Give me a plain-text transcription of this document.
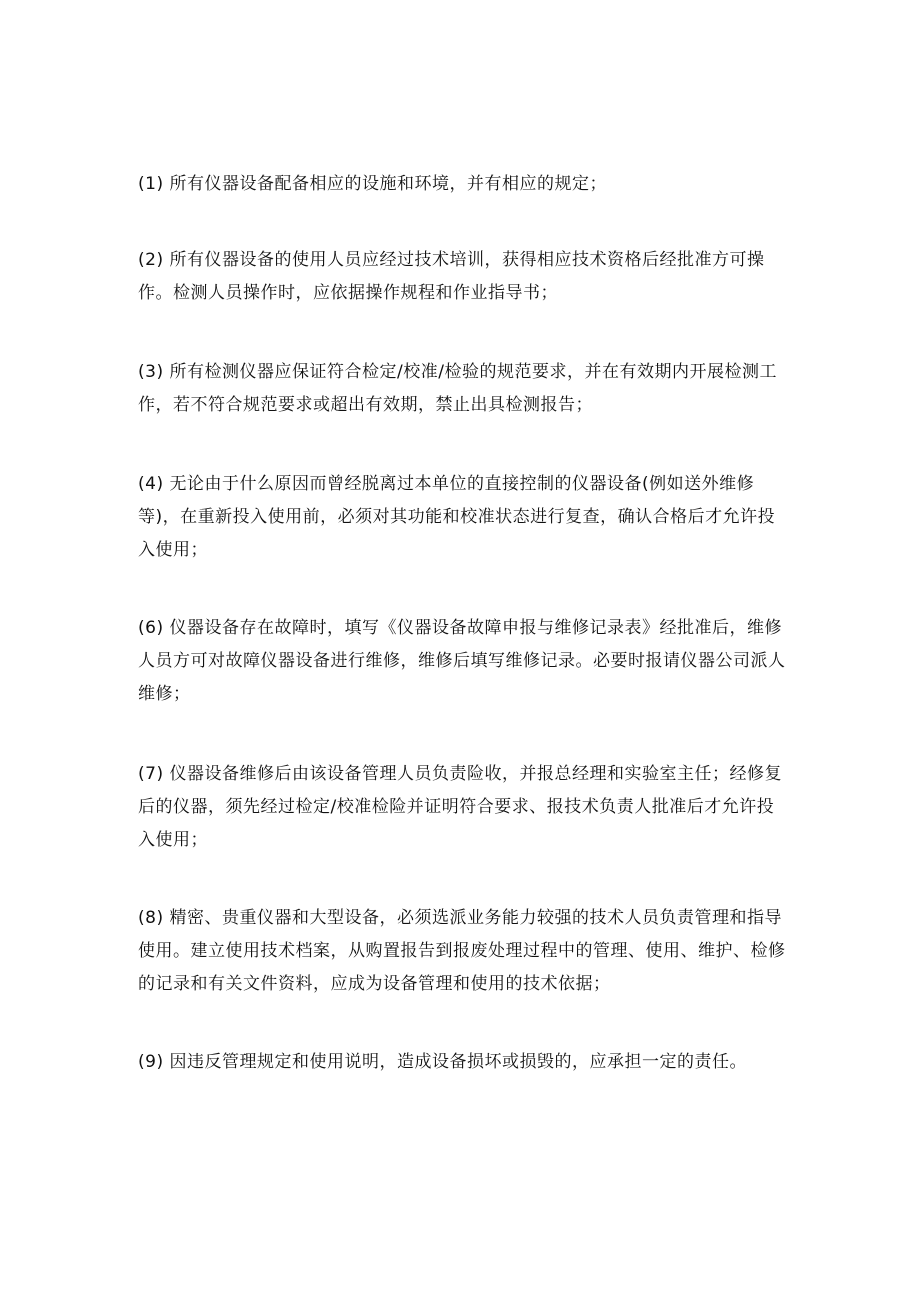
(1) 所有仪器设备配备相应的设施和环境，并有相应的规定；

(2) 所有仪器设备的使用人员应经过技术培训，获得相应技术资格后经批准方可操作。检测人员操作时，应依据操作规程和作业指导书；

(3) 所有检测仪器应保证符合检定/校准/检验的规范要求，并在有效期内开展检测工作，若不符合规范要求或超出有效期，禁止出具检测报告；

(4) 无论由于什么原因而曾经脱离过本单位的直接控制的仪器设备(例如送外维修等)，在重新投入使用前，必须对其功能和校准状态进行复查，确认合格后才允许投入使用；

(6) 仪器设备存在故障时，填写《仪器设备故障申报与维修记录表》经批准后，维修人员方可对故障仪器设备进行维修，维修后填写维修记录。必要时报请仪器公司派人维修；

(7) 仪器设备维修后由该设备管理人员负责险收，并报总经理和实验室主任；经修复后的仪器，须先经过检定/校准检险并证明符合要求、报技术负责人批准后才允许投入使用；

(8) 精密、贵重仪器和大型设备，必须选派业务能力较强的技术人员负责管理和指导使用。建立使用技术档案，从购置报告到报废处理过程中的管理、使用、维护、检修的记录和有关文件资料，应成为设备管理和使用的技术依据；

(9) 因违反管理规定和使用说明，造成设备损坏或损毁的，应承担一定的责任。
